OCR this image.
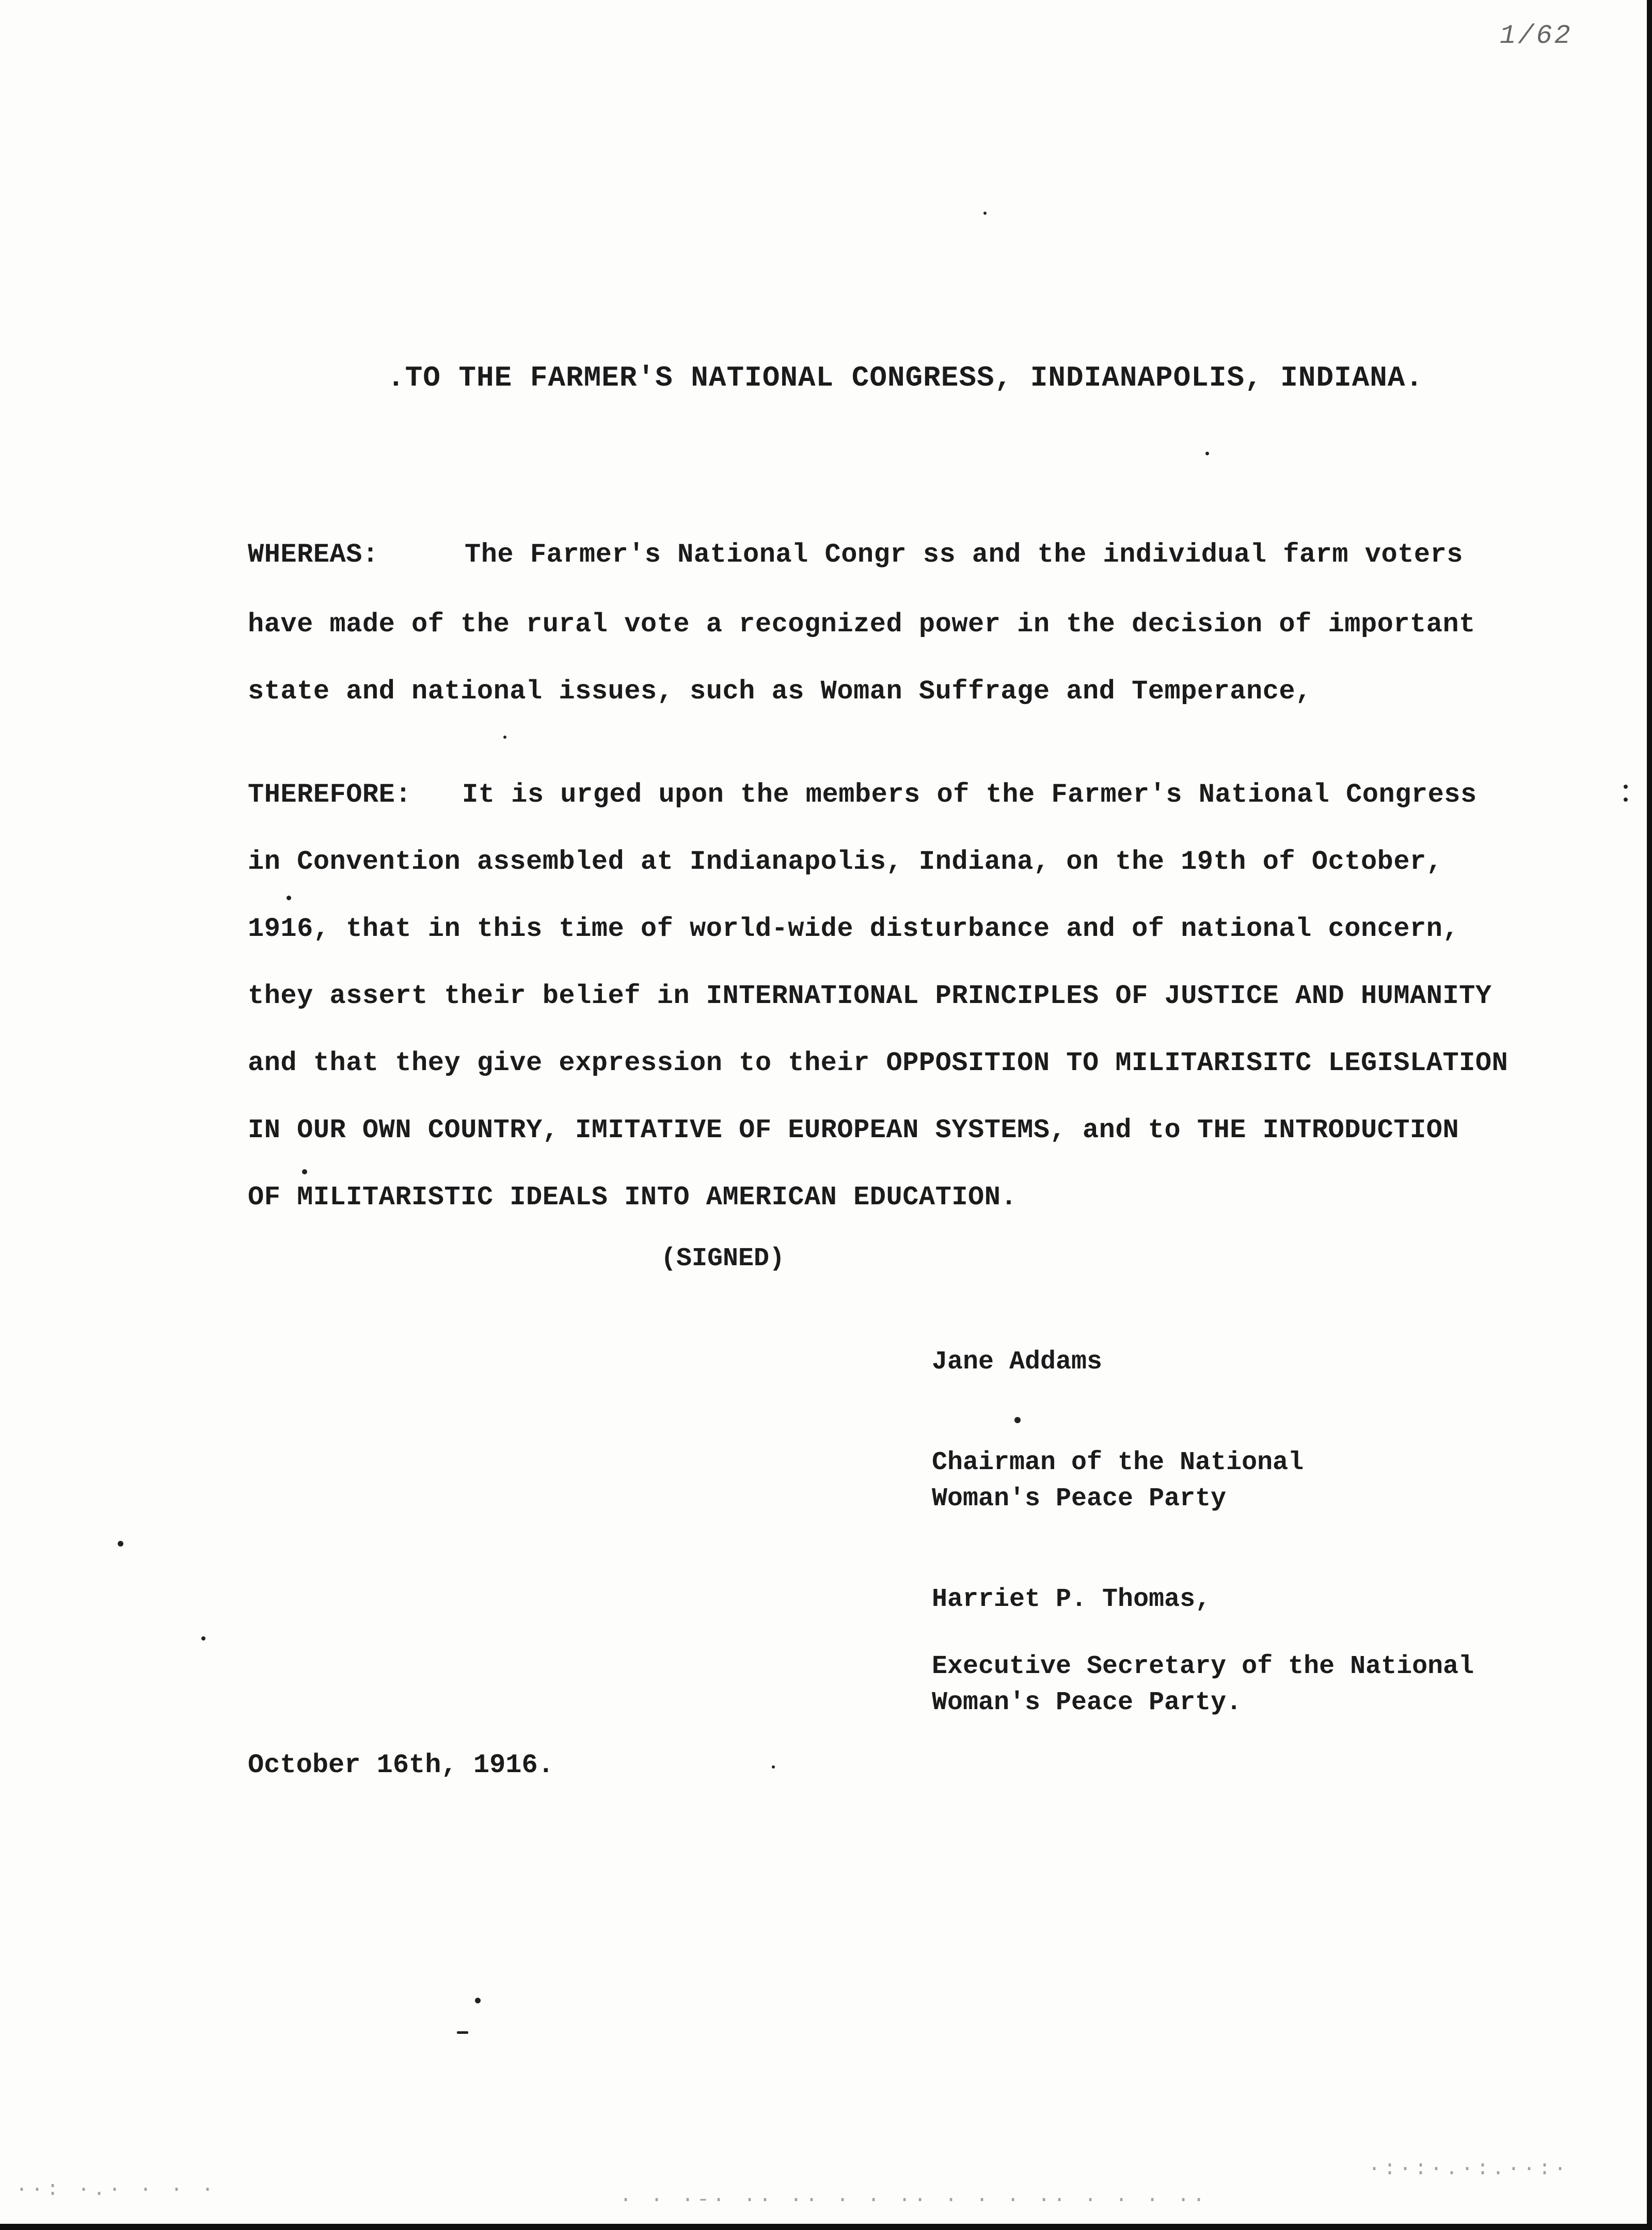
1/62
.TO THE FARMER'S NATIONAL CONGRESS, INDIANAPOLIS, INDIANA.
WHEREAS:	The Farmer's National Congr ss and the individual farm voters
have made of the rural vote a recognized power in the decision of important
state and national issues, such as Woman Suffrage and Temperance,
THEREFORE: It is urged upon the members of the Farmer's National Congress
in Convention assembled at Indianapolis, Indiana, on the 19th of October,
1916, that in this time of world-wide disturbance and of national concern,
they assert their belief in INTERNATIONAL PRINCIPLES OF JUSTICE AND HUMANITY
and that they give expression to their OPPOSITION TO MILITARISITC LEGISLATION
IN OUR OWN COUNTRY, IMITATIVE OF EUROPEAN SYSTEMS, and to THE INTRODUCTION
OF MILITARISTIC IDEALS INTO AMERICAN EDUCATION.
(SIGNED)
Jane Addams
Chairman of the National
Woman's Peace Party
Harriet P. Thomas,
Executive Secretary of the National
Woman's Peace Party.
October 16th, 1916.
··: ·.· · · ·	· · ·-· ·· ·· · · ·· · · · ·· · · · ··
·:·:·.·:.··:·
